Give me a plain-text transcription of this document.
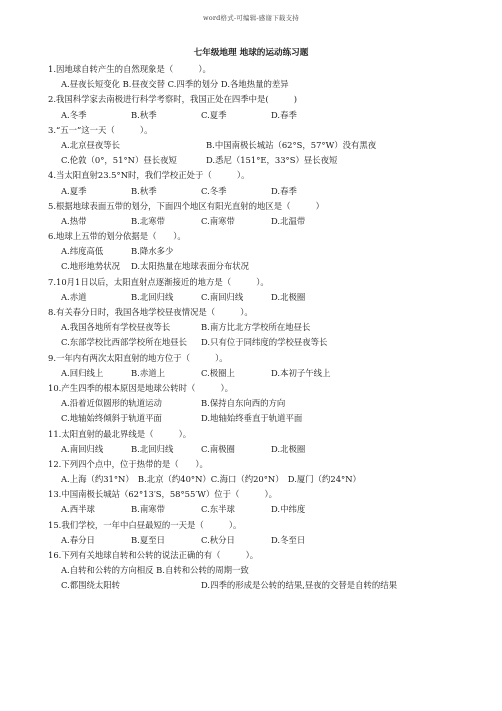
word格式-可编辑-感谢下载支持
七年级地理 地球的运动练习题
1.因地球自转产生的自然现象是（　　　）。
A.昼夜长短变化 B.昼夜交替 C.四季的划分 D.各地热量的差异
2.我国科学家去南极进行科学考察时，我国正处在四季中是(　　　)
A.冬季	B.秋季	C.夏季	D.春季
3.“五一”这一天（　　　）。
A.北京昼夜等长	B.中国南极长城站（62°S，57°W）没有黑夜
C.伦敦（0°，51°N）昼长夜短	D.悉尼（151°E，33°S）昼长夜短
4.当太阳直射23.5°N时，我们学校正处于（　　　）。
A.夏季	B.秋季	C.冬季	D.春季
5.根据地球表面五带的划分，下面四个地区有阳光直射的地区是（　　　）
A.热带	B.北寒带	C.南寒带	D.北温带
6.地球上五带的划分依据是（　　）。
A.纬度高低	B.降水多少
C.地形地势状况 D.太阳热量在地球表面分布状况
7.10月1日以后，太阳直射点逐渐接近的地方是（　　　）。
A.赤道	B.北回归线	C.南回归线	D.北极圈
8.有关春分日时，我国各地学校昼夜情况是（　　　）。
A.我国各地所有学校昼夜等长	B.南方比北方学校所在地昼长
C.东部学校比西部学校所在地昼长 D.只有位于同纬度的学校昼夜等长
9.一年内有两次太阳直射的地方位于（　　　）。
A.回归线上	B.赤道上	C.极圈上	D.本初子午线上
10.产生四季的根本原因是地球公转时（　　　）。
A.沿着近似圆形的轨道运动	B.保持自东向西的方向
C.地轴始终倾斜于轨道平面	D.地轴始终垂直于轨道平面
11.太阳直射的最北界线是（　　　）。
A.南回归线	B.北回归线	C.南极圈	D.北极圈
12.下列四个点中，位于热带的是（　　）。
A.上海（约31°N）　B.北京（约40°N）C.海口（约20°N）　D.厦门（约24°N）
13.中国南极长城站（62°13′S，58°55′W）位于（　　　）。
A.西半球	B.南寒带	C.东半球	D.中纬度
15.我们学校，一年中白昼最短的一天是（　　　）。
A.春分日	B.夏至日	C.秋分日	D.冬至日
16.下列有关地球自转和公转的说法正确的有（　　　）。
A.自转和公转的方向相反 B.自转和公转的周期一致
C.都围绕太阳转	D.四季的形成是公转的结果,昼夜的交替是自转的结果
